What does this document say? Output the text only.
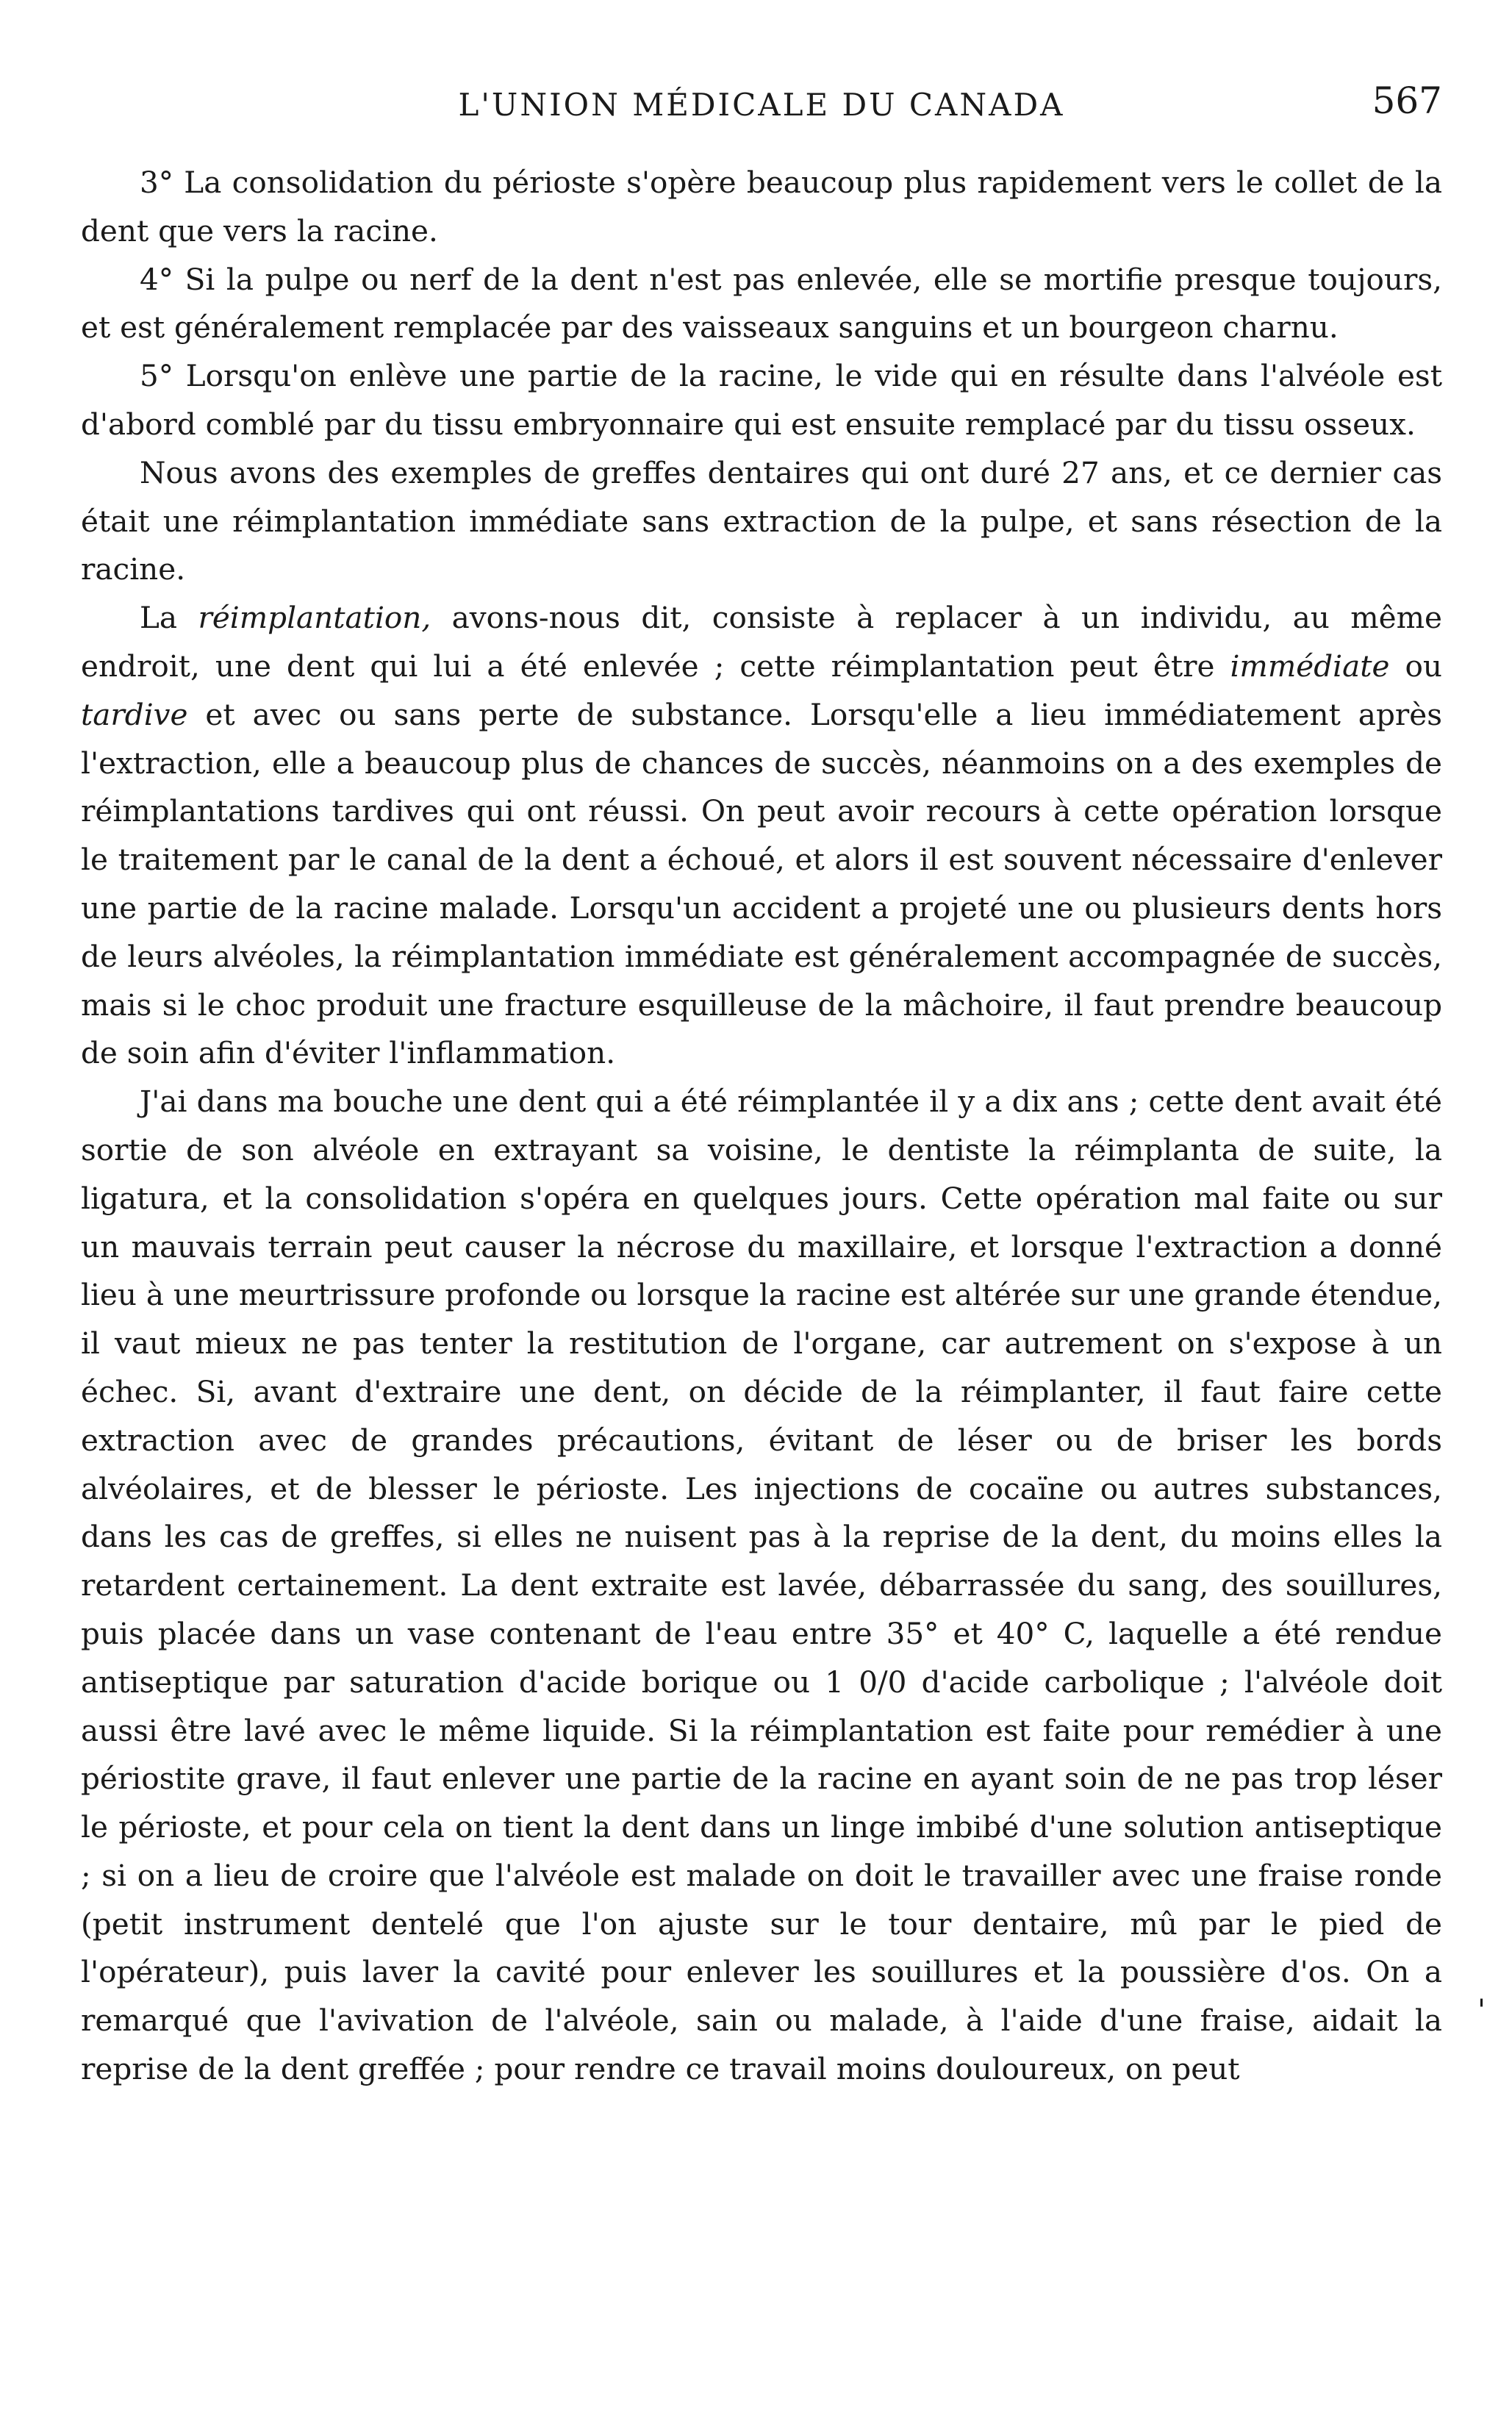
L'UNION MÉDICALE DU CANADA	567

3° La consolidation du périoste s'opère beaucoup plus rapidement vers le collet de la dent que vers la racine.

4° Si la pulpe ou nerf de la dent n'est pas enlevée, elle se mortifie presque toujours, et est généralement remplacée par des vaisseaux sanguins et un bourgeon charnu.

5° Lorsqu'on enlève une partie de la racine, le vide qui en résulte dans l'alvéole est d'abord comblé par du tissu embryonnaire qui est ensuite remplacé par du tissu osseux.

Nous avons des exemples de greffes dentaires qui ont duré 27 ans, et ce dernier cas était une réimplantation immédiate sans extraction de la pulpe, et sans résection de la racine.

La réimplantation, avons-nous dit, consiste à replacer à un individu, au même endroit, une dent qui lui a été enlevée ; cette réimplantation peut être immédiate ou tardive et avec ou sans perte de substance. Lorsqu'elle a lieu immédiatement après l'extraction, elle a beaucoup plus de chances de succès, néanmoins on a des exemples de réimplantations tardives qui ont réussi. On peut avoir recours à cette opération lorsque le traitement par le canal de la dent a échoué, et alors il est souvent nécessaire d'enlever une partie de la racine malade. Lorsqu'un accident a projeté une ou plusieurs dents hors de leurs alvéoles, la réimplantation immédiate est généralement accompagnée de succès, mais si le choc produit une fracture esquilleuse de la mâchoire, il faut prendre beaucoup de soin afin d'éviter l'inflammation.

J'ai dans ma bouche une dent qui a été réimplantée il y a dix ans ; cette dent avait été sortie de son alvéole en extrayant sa voisine, le dentiste la réimplanta de suite, la ligatura, et la consolidation s'opéra en quelques jours. Cette opération mal faite ou sur un mauvais terrain peut causer la nécrose du maxillaire, et lorsque l'extraction a donné lieu à une meurtrissure profonde ou lorsque la racine est altérée sur une grande étendue, il vaut mieux ne pas tenter la restitution de l'organe, car autrement on s'expose à un échec. Si, avant d'extraire une dent, on décide de la réimplanter, il faut faire cette extraction avec de grandes précautions, évitant de léser ou de briser les bords alvéolaires, et de blesser le périoste. Les injections de cocaïne ou autres substances, dans les cas de greffes, si elles ne nuisent pas à la reprise de la dent, du moins elles la retardent certainement. La dent extraite est lavée, débarrassée du sang, des souillures, puis placée dans un vase contenant de l'eau entre 35° et 40° C, laquelle a été rendue antiseptique par saturation d'acide borique ou 1 0/0 d'acide carbolique ; l'alvéole doit aussi être lavé avec le même liquide. Si la réimplantation est faite pour remédier à une périostite grave, il faut enlever une partie de la racine en ayant soin de ne pas trop léser le périoste, et pour cela on tient la dent dans un linge imbibé d'une solution antiseptique ; si on a lieu de croire que l'alvéole est malade on doit le travailler avec une fraise ronde (petit instrument dentelé que l'on ajuste sur le tour dentaire, mû par le pied de l'opérateur), puis laver la cavité pour enlever les souillures et la poussière d'os. On a remarqué que l'avivation de l'alvéole, sain ou malade, à l'aide d'une fraise, aidait la reprise de la dent greffée ; pour rendre ce travail moins douloureux, on peut

'
